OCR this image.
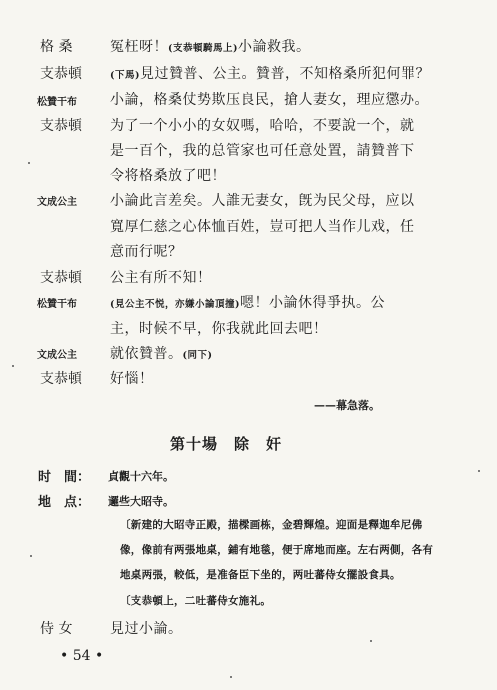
格 桑	冤枉呀！(支恭頓騎馬上)小論救我。
支恭頓	(下馬)見过贊普、公主。贊普，不知格桑所犯何罪？
松贊干布 小論，格桑仗势欺压良民，搶人妻女，理应懲办。
支恭頓 为了一个小小的女奴嗎，哈哈，不要說一个，就
是一百个，我的总管家也可任意处置，請贊普下
令将格桑放了吧！
文成公主 小論此言差矣。人誰无妻女，旣为民父母，应以
寬厚仁慈之心体恤百姓，豈可把人当作儿戏，任
意而行呢？
支恭頓 公主有所不知！
松贊干布	(見公主不悦，亦嫌小論頂撞)嗯！小論休得爭执。公
主，时候不早，你我就此回去吧！
文成公主 就依贊普。(同下)
支恭頓 好惱！
——幕急落。
第十場　除　奸
时　間： 貞觀十六年。
地　点： 邏些大昭寺。
〔新建的大昭寺正殿，描樑画栋，金碧輝煌。迎面是釋迦牟尼佛
像，像前有两張地桌，鋪有地毯，便于席地而座。左右两側，各有
地桌两張，較低，是准备臣下坐的，两吐蕃侍女擺設食具。
〔支恭頓上，二吐蕃侍女施礼。
侍 女	見过小論。
• 54 •
